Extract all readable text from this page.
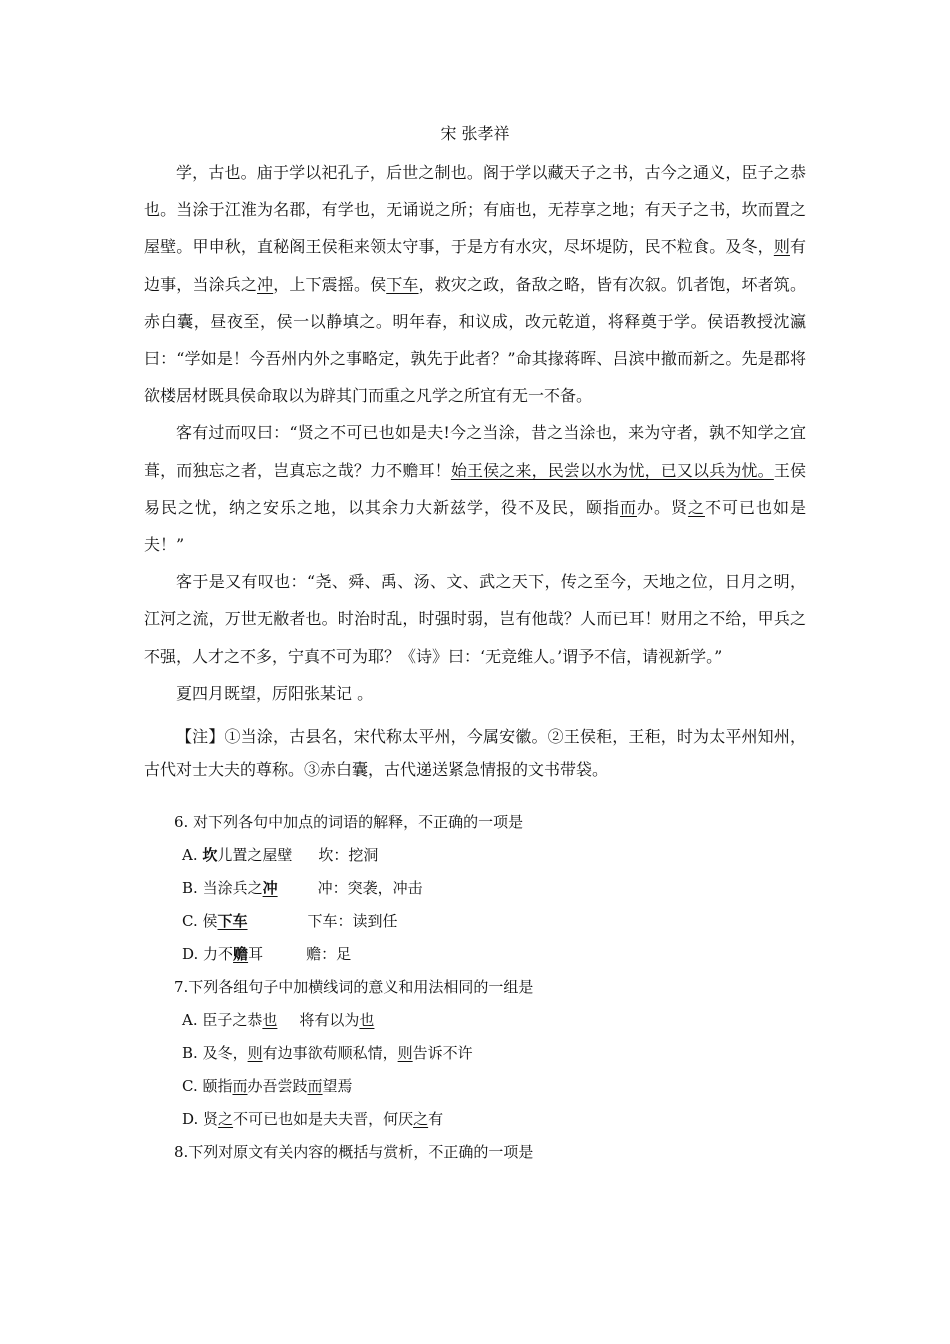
宋 张孝祥

学，古也。庙于学以祀孔子，后世之制也。阁于学以藏天子之书，古今之通义，臣子之恭也。当涂于江淮为名郡，有学也，无诵说之所；有庙也，无荐享之地；有天子之书，坎而置之屋壁。甲申秋，直秘阁王侯秬来领太守事，于是方有水灾，尽坏堤防，民不粒食。及冬，则有边事，当涂兵之冲，上下震摇。侯下车，救灾之政，备敌之略，皆有次叙。饥者饱，坏者筑。赤白囊，昼夜至，侯一以静填之。明年春，和议成，改元乾道，将释奠于学。侯语教授沈瀛曰：“学如是！今吾州内外之事略定，孰先于此者？”命其掾蒋晖、吕滨中撤而新之。先是郡将欲楼居材既具侯命取以为辟其门而重之凡学之所宜有无一不备。

客有过而叹曰：“贤之不可已也如是夫!今之当涂，昔之当涂也，来为守者，孰不知学之宜葺，而独忘之者，岂真忘之哉？力不赡耳！始王侯之来，民尝以水为忧，已又以兵为忧。王侯易民之忧，纳之安乐之地，以其余力大新兹学，役不及民，颐指而办。贤之不可已也如是夫！”

客于是又有叹也：“尧、舜、禹、汤、文、武之天下，传之至今，天地之位，日月之明，江河之流，万世无敝者也。时治时乱，时强时弱，岂有他哉？人而已耳！财用之不给，甲兵之不强，人才之不多，宁真不可为耶？《诗》曰：‘无竞维人。’谓予不信，请视新学。”

夏四月既望，厉阳张某记 。

【注】①当涂，古县名，宋代称太平州，今属安徽。②王侯秬，王秬，时为太平州知州，古代对士大夫的尊称。③赤白囊，古代递送紧急情报的文书带袋。

6. 对下列各句中加点的词语的解释，不正确的一项是
A. 坎儿置之屋壁 坎：挖洞
B. 当涂兵之冲	冲：突袭，冲击
C. 侯下车	下车：读到任
D. 力不赡耳	赡：足
7.下列各组句子中加横线词的意义和用法相同的一组是
A. 臣子之恭也 将有以为也
B. 及冬，则有边事欲苟顺私情，则告诉不许
C. 颐指而办吾尝跂而望焉
D. 贤之不可已也如是夫夫晋，何厌之有
8.下列对原文有关内容的概括与赏析，不正确的一项是
